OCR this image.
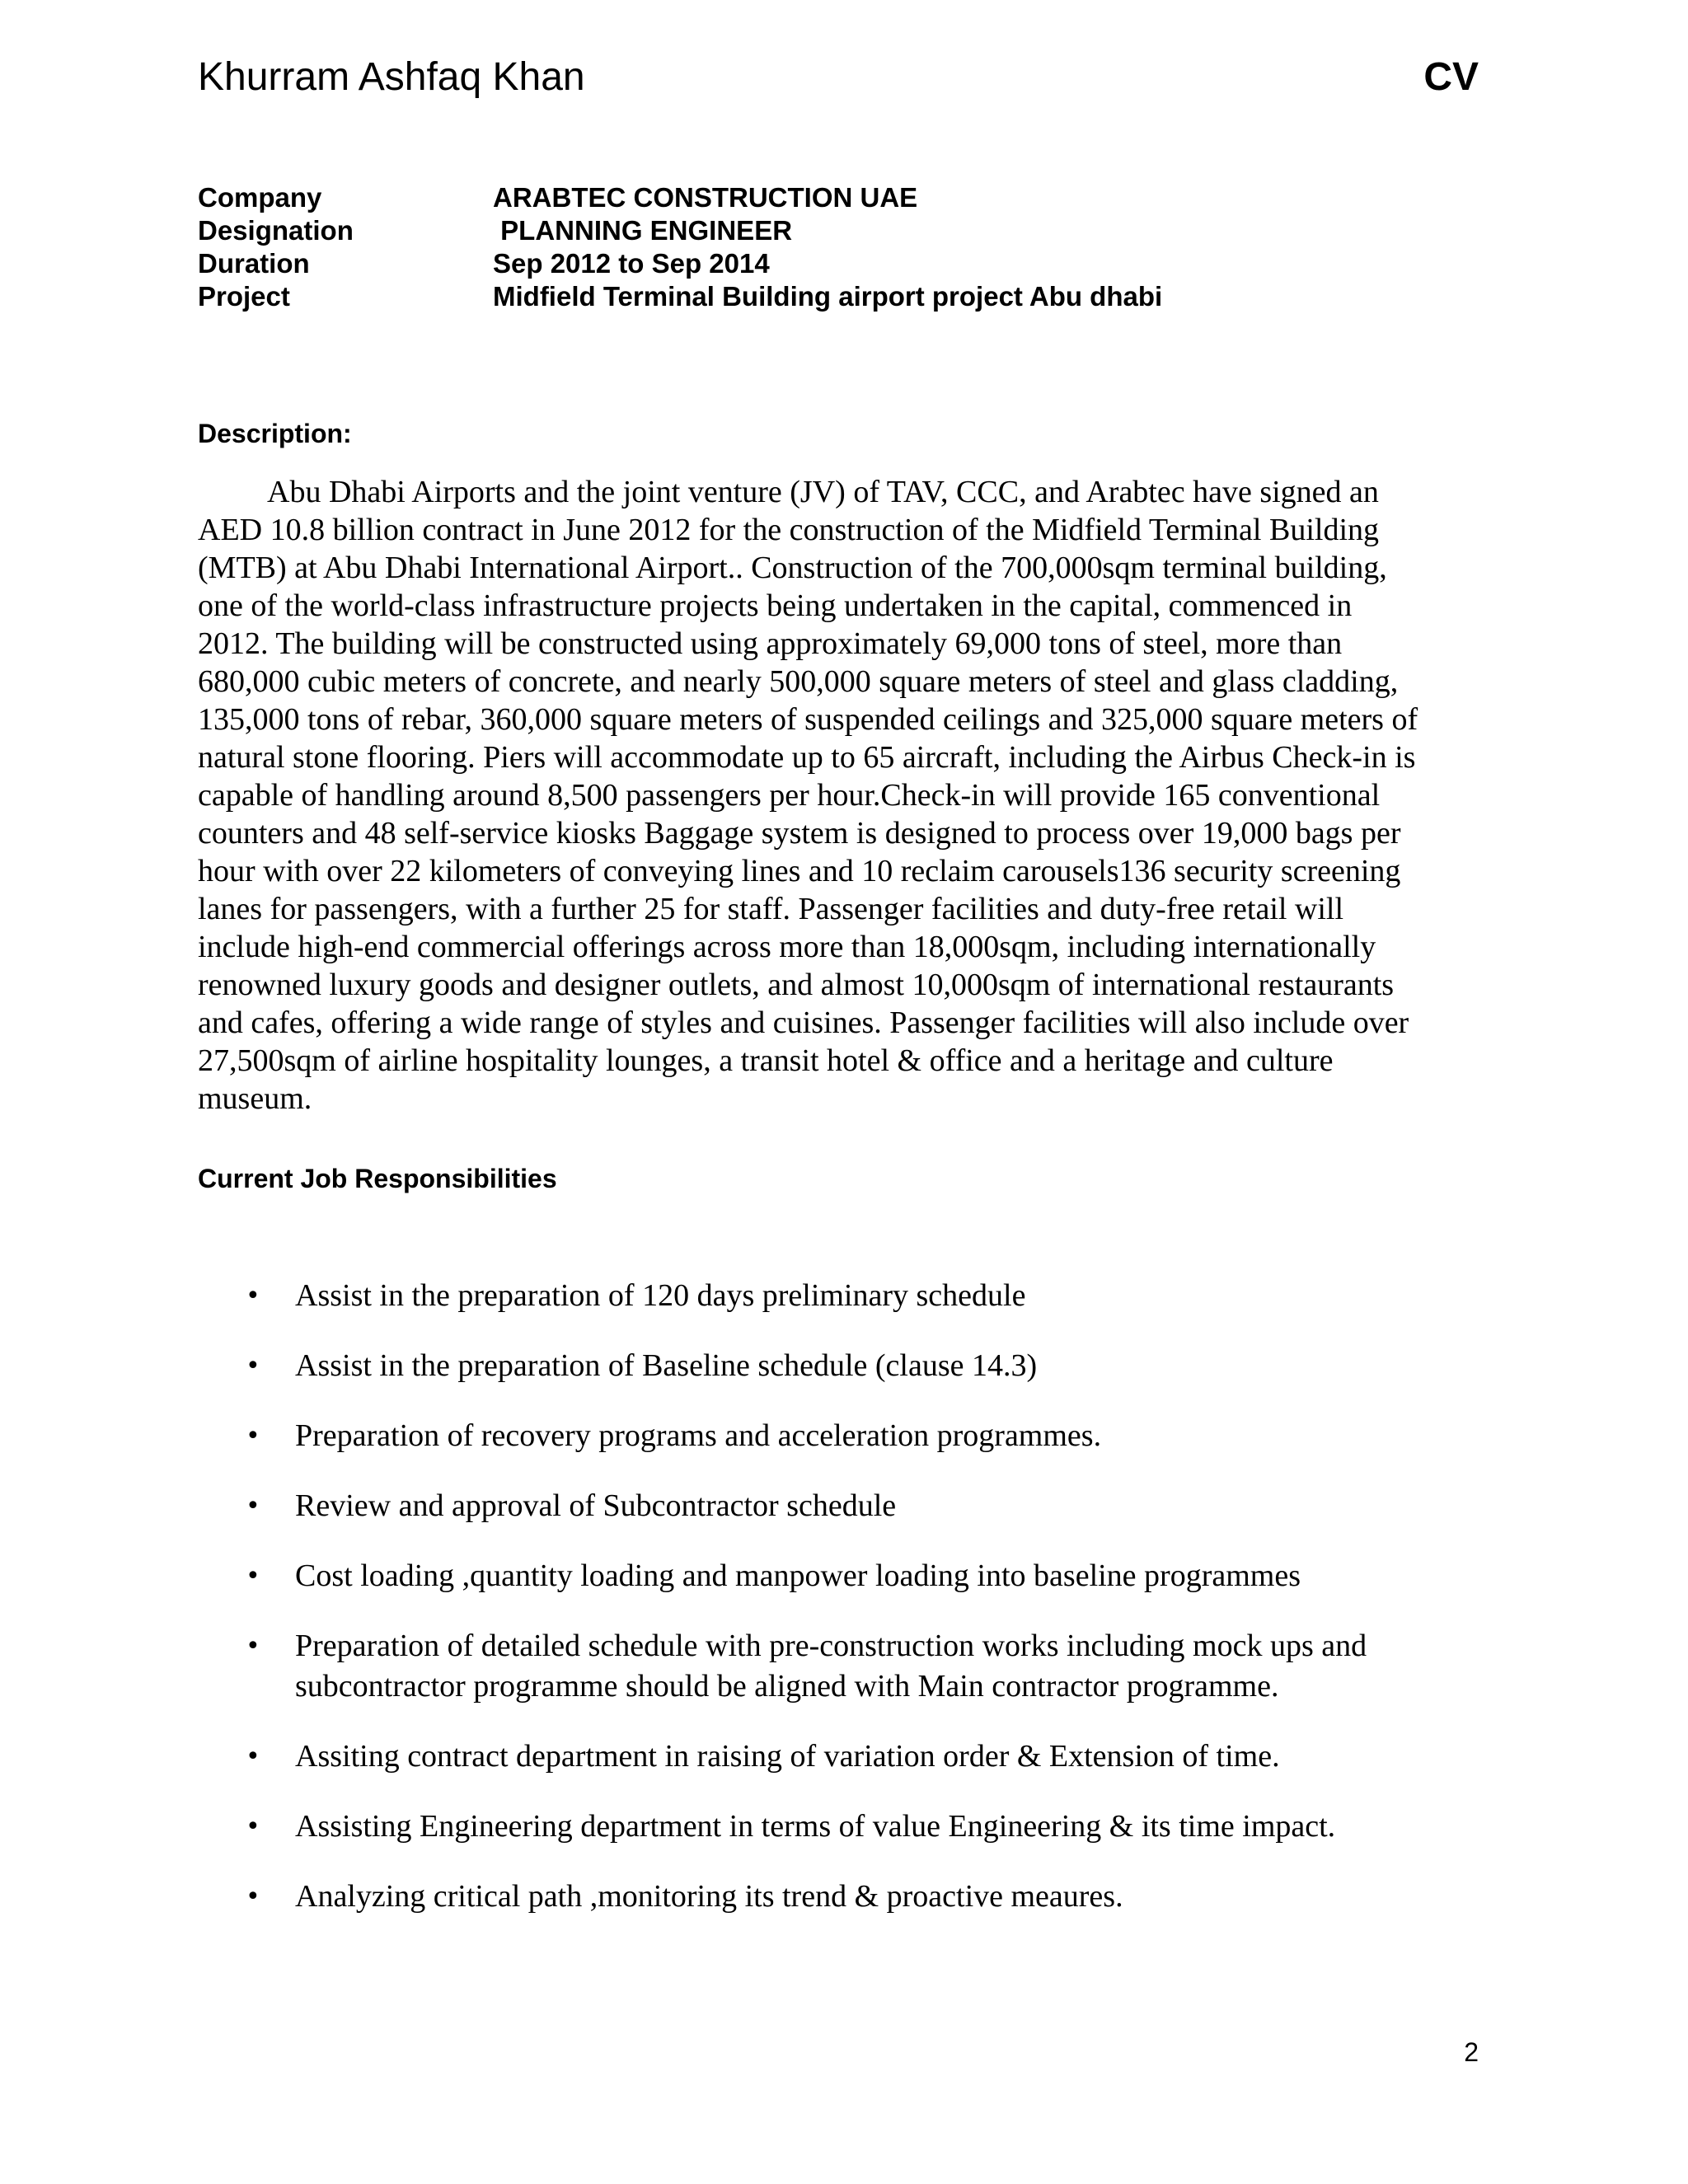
Khurram Ashfaq Khan	CV
Company	ARABTEC CONSTRUCTION UAE
Designation	PLANNING ENGINEER
Duration	Sep 2012 to Sep 2014
Project	Midfield Terminal Building airport project Abu dhabi
Description:
Abu Dhabi Airports and the joint venture (JV) of TAV, CCC, and Arabtec have signed an
AED 10.8 billion contract in June 2012 for the construction of the Midfield Terminal Building
(MTB) at Abu Dhabi International Airport.. Construction of the 700,000sqm terminal building,
one of the world-class infrastructure projects being undertaken in the capital, commenced in
2012. The building will be constructed using approximately 69,000 tons of steel, more than
680,000 cubic meters of concrete, and nearly 500,000 square meters of steel and glass cladding,
135,000 tons of rebar, 360,000 square meters of suspended ceilings and 325,000 square meters of
natural stone flooring. Piers will accommodate up to 65 aircraft, including the Airbus Check-in is
capable of handling around 8,500 passengers per hour.Check-in will provide 165 conventional
counters and 48 self-service kiosks Baggage system is designed to process over 19,000 bags per
hour with over 22 kilometers of conveying lines and 10 reclaim carousels136 security screening
lanes for passengers, with a further 25 for staff. Passenger facilities and duty-free retail will
include high-end commercial offerings across more than 18,000sqm, including internationally
renowned luxury goods and designer outlets, and almost 10,000sqm of international restaurants
and cafes, offering a wide range of styles and cuisines. Passenger facilities will also include over
27,500sqm of airline hospitality lounges, a transit hotel & office and a heritage and culture
museum.
Current Job Responsibilities
• Assist in the preparation of 120 days preliminary schedule
• Assist in the preparation of Baseline schedule (clause 14.3)
• Preparation of recovery programs and acceleration programmes.
• Review and approval of Subcontractor schedule
• Cost loading ,quantity loading and manpower loading into baseline programmes
• Preparation of detailed schedule with pre-construction works including mock ups and subcontractor programme should be aligned with Main contractor programme.
• Assiting contract department in raising of variation order & Extension of time.
• Assisting Engineering department in terms of value Engineering & its time impact.
• Analyzing critical path ,monitoring its trend & proactive meaures.
2
